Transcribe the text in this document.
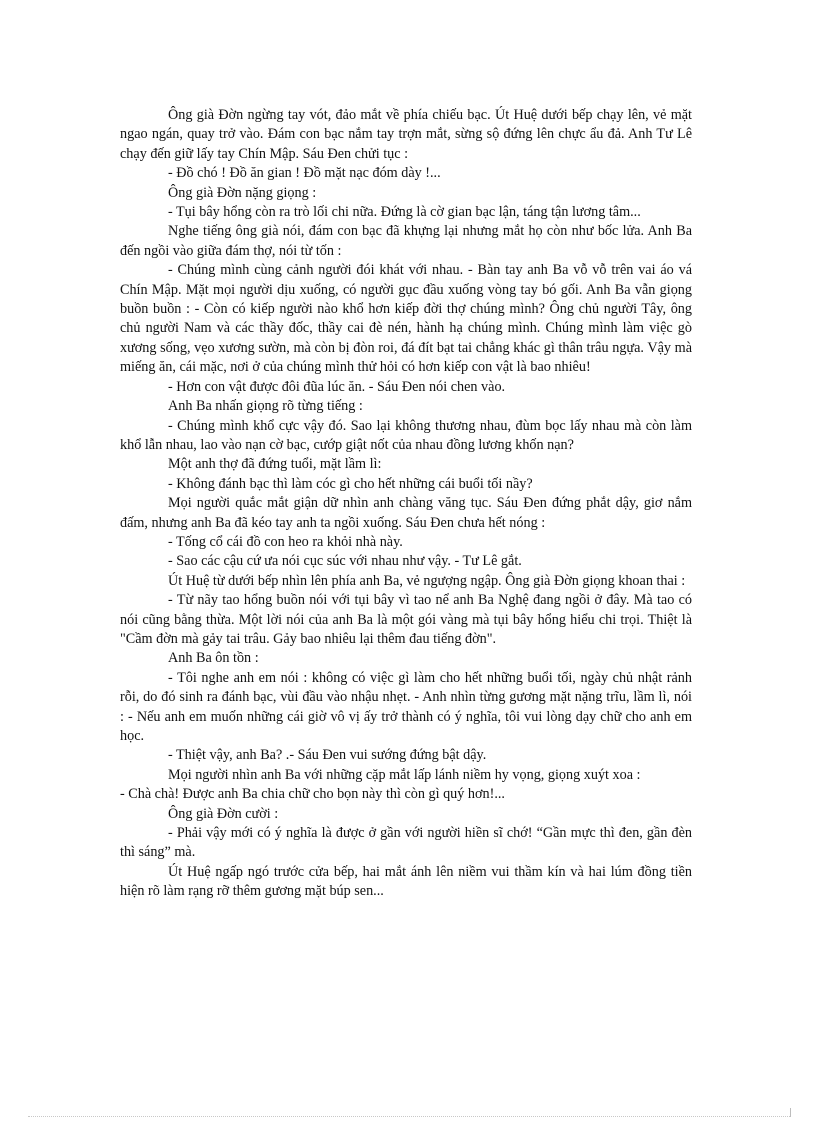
Ông già Đờn ngừng tay vót, đảo mắt về phía chiếu bạc. Út Huệ dưới bếp chạy lên, vẻ mặt ngao ngán, quay trở vào. Đám con bạc nắm tay trợn mắt, sừng sộ đứng lên chực ẩu đả. Anh Tư Lê chạy đến giữ lấy tay Chín Mập. Sáu Đen chửi tục :

- Đồ chó ! Đồ ăn gian ! Đồ mặt nạc đóm dày !...

Ông già Đờn nặng giọng :

- Tụi bây hổng còn ra trò lối chi nữa. Đứng là cờ gian bạc lận, táng tận lương tâm...

Nghe tiếng ông già nói, đám con bạc đã khựng lại nhưng mắt họ còn như bốc lửa. Anh Ba đến ngồi vào giữa đám thợ, nói từ tốn :

- Chúng mình cùng cảnh người đói khát với nhau. - Bàn tay anh Ba vỗ vỗ trên vai áo vá Chín Mập. Mặt mọi người dịu xuống, có người gục đầu xuống vòng tay bó gối. Anh Ba vẫn giọng buồn buồn : - Còn có kiếp người nào khổ hơn kiếp đời thợ chúng mình? Ông chủ người Tây, ông chủ người Nam và các thầy đốc, thầy cai đè nén, hành hạ chúng mình. Chúng mình làm việc gò xương sống, vẹo xương sườn, mà còn bị đòn roi, đá đít bạt tai chẳng khác gì thân trâu ngựa. Vậy mà miếng ăn, cái mặc, nơi ở của chúng mình thử hỏi có hơn kiếp con vật là bao nhiêu!

- Hơn con vật được đôi đũa lúc ăn. - Sáu Đen nói chen vào.

Anh Ba nhấn giọng rõ từng tiếng :

- Chúng mình khổ cực vậy đó. Sao lại không thương nhau, đùm bọc lấy nhau mà còn làm khổ lẫn nhau, lao vào nạn cờ bạc, cướp giật nốt của nhau đồng lương khốn nạn?

Một anh thợ đã đứng tuổi, mặt lầm lì:

- Không đánh bạc thì làm cóc gì cho hết những cái buổi tối nầy?

Mọi người quắc mắt giận dữ nhìn anh chàng văng tục. Sáu Đen đứng phắt dậy, giơ nắm đấm, nhưng anh Ba đã kéo tay anh ta ngồi xuống. Sáu Đen chưa hết nóng :

- Tống cổ cái đồ con heo ra khỏi nhà này.

- Sao các cậu cứ ưa nói cục súc với nhau như vậy. - Tư Lê gắt.

Út Huệ từ dưới bếp nhìn lên phía anh Ba, vẻ ngượng ngập. Ông già Đờn giọng khoan thai :

- Từ nãy tao hổng buồn nói với tụi bây vì tao nể anh Ba Nghệ đang ngồi ở đây. Mà tao có nói cũng bằng thừa. Một lời nói của anh Ba là một gói vàng mà tụi bây hổng hiểu chi trọi. Thiệt là "Cầm đờn mà gảy tai trâu. Gảy bao nhiêu lại thêm đau tiếng đờn".

Anh Ba ôn tồn :

- Tôi nghe anh em nói : không có việc gì làm cho hết những buổi tối, ngày chủ nhật rảnh rỗi, do đó sinh ra đánh bạc, vùi đầu vào nhậu nhẹt. - Anh nhìn từng gương mặt nặng trĩu, lầm lì, nói : - Nếu anh em muốn những cái giờ vô vị ấy trở thành có ý nghĩa, tôi vui lòng dạy chữ cho anh em học.

- Thiệt vậy, anh Ba? .- Sáu Đen vui sướng đứng bật dậy.

Mọi người nhìn anh Ba với những cặp mắt lấp lánh niềm hy vọng, giọng xuýt xoa :

- Chà chà! Được anh Ba chia chữ cho bọn này thì còn gì quý hơn!...

Ông già Đờn cười :

- Phải vậy mới có ý nghĩa là được ở gần với người hiền sĩ chớ! “Gần mực thì đen, gần đèn thì sáng” mà.

Út Huệ ngấp ngó trước cửa bếp, hai mắt ánh lên niềm vui thầm kín và hai lúm đồng tiền hiện rõ làm rạng rỡ thêm gương mặt búp sen...
